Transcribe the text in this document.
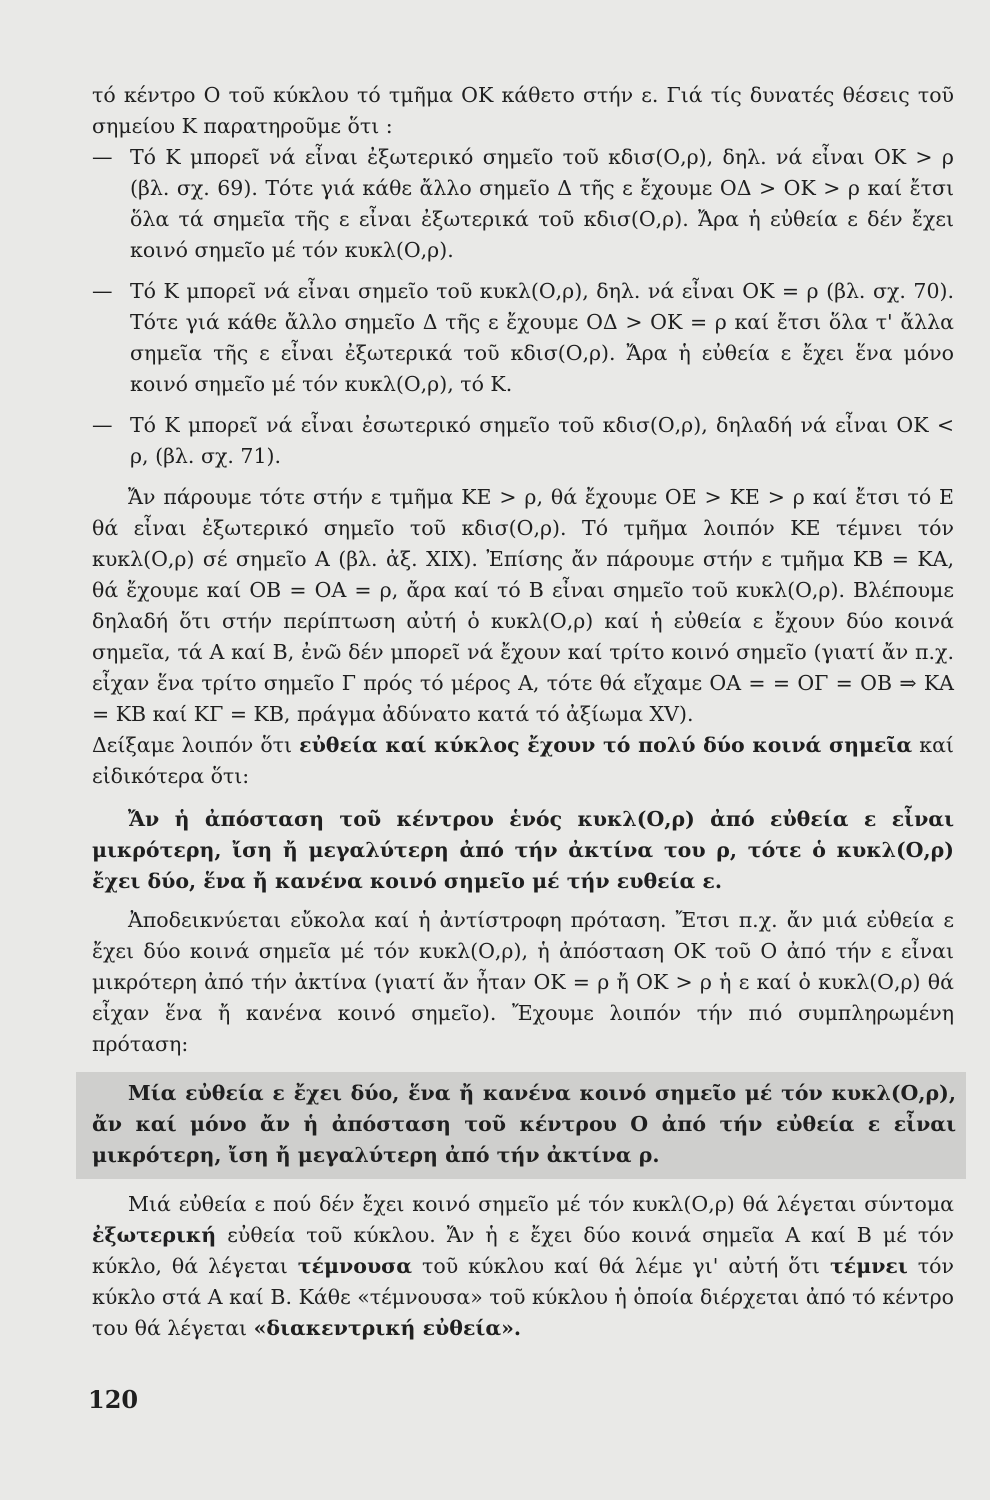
τό κέντρο Ο τοῦ κύκλου τό τμῆμα ΟΚ κάθετο στήν ε. Γιά τίς δυνατές θέσεις τοῦ σημείου Κ παρατηροῦμε ὅτι :

— Τό Κ μπορεῖ νά εἶναι ἐξωτερικό σημεῖο τοῦ κδισ(Ο,ρ), δηλ. νά εἶναι ΟΚ > ρ (βλ. σχ. 69). Τότε γιά κάθε ἄλλο σημεῖο Δ τῆς ε ἔχουμε ΟΔ > ΟΚ > ρ καί ἔτσι ὅλα τά σημεῖα τῆς ε εἶναι ἐξωτερικά τοῦ κδισ(Ο,ρ). Ἄρα ἡ εὐθεία ε δέν ἔχει κοινό σημεῖο μέ τόν κυκλ(Ο,ρ).
— Τό Κ μπορεῖ νά εἶναι σημεῖο τοῦ κυκλ(Ο,ρ), δηλ. νά εἶναι ΟΚ = ρ (βλ. σχ. 70). Τότε γιά κάθε ἄλλο σημεῖο Δ τῆς ε ἔχουμε ΟΔ > ΟΚ = ρ καί ἔτσι ὅλα τ' ἄλλα σημεῖα τῆς ε εἶναι ἐξωτερικά τοῦ κδισ(Ο,ρ). Ἄρα ἡ εὐθεία ε ἔχει ἕνα μόνο κοινό σημεῖο μέ τόν κυκλ(Ο,ρ), τό Κ.
— Τό Κ μπορεῖ νά εἶναι ἐσωτερικό σημεῖο τοῦ κδισ(Ο,ρ), δηλαδή νά εἶναι ΟΚ < ρ, (βλ. σχ. 71).

Ἄν πάρουμε τότε στήν ε τμῆμα ΚΕ > ρ, θά ἔχουμε ΟΕ > ΚΕ > ρ καί ἔτσι τό Ε θά εἶναι ἐξωτερικό σημεῖο τοῦ κδισ(Ο,ρ). Τό τμῆμα λοιπόν ΚΕ τέμνει τόν κυκλ(Ο,ρ) σέ σημεῖο Α (βλ. ἀξ. ΧΙΧ). Ἐπίσης ἄν πάρουμε στήν ε τμῆμα ΚΒ = ΚΑ, θά ἔχουμε καί ΟΒ = ΟΑ = ρ, ἄρα καί τό Β εἶναι σημεῖο τοῦ κυκλ(Ο,ρ). Βλέπουμε δηλαδή ὅτι στήν περίπτωση αὐτή ὁ κυκλ(Ο,ρ) καί ἡ εὐθεία ε ἔχουν δύο κοινά σημεῖα, τά Α καί Β, ἐνῶ δέν μπορεῖ νά ἔχουν καί τρίτο κοινό σημεῖο (γιατί ἄν π.χ. εἶχαν ἕνα τρίτο σημεῖο Γ πρός τό μέρος Α, τότε θά εἴχαμε ΟΑ = = ΟΓ = ΟΒ ⇒ ΚΑ = ΚΒ καί ΚΓ = ΚΒ, πράγμα ἀδύνατο κατά τό ἀξίωμα XV).

Δείξαμε λοιπόν ὅτι εὐθεία καί κύκλος ἔχουν τό πολύ δύο κοινά σημεῖα καί εἰδικότερα ὅτι:

Ἄν ἡ ἀπόσταση τοῦ κέντρου ἑνός κυκλ(Ο,ρ) ἀπό εὐθεία ε εἶναι μικρότερη, ἴση ἤ μεγαλύτερη ἀπό τήν ἀκτίνα του ρ, τότε ὁ κυκλ(Ο,ρ) ἔχει δύο, ἕνα ἤ κανένα κοινό σημεῖο μέ τήν ευθεία ε.

Ἀποδεικνύεται εὔκολα καί ἡ ἀντίστροφη πρόταση. Ἔτσι π.χ. ἄν μιά εὐθεία ε ἔχει δύο κοινά σημεῖα μέ τόν κυκλ(Ο,ρ), ἡ ἀπόσταση ΟΚ τοῦ Ο ἀπό τήν ε εἶναι μικρότερη ἀπό τήν ἀκτίνα (γιατί ἄν ἦταν ΟΚ = ρ ἤ ΟΚ > ρ ἡ ε καί ὁ κυκλ(Ο,ρ) θά εἶχαν ἕνα ἤ κανένα κοινό σημεῖο). Ἔχουμε λοιπόν τήν πιό συμπληρωμένη πρόταση:

Μία εὐθεία ε ἔχει δύο, ἕνα ἤ κανένα κοινό σημεῖο μέ τόν κυκλ(Ο,ρ), ἄν καί μόνο ἄν ἡ ἀπόσταση τοῦ κέντρου Ο ἀπό τήν εὐθεία ε εἶναι μικρότερη, ἴση ἤ μεγαλύτερη ἀπό τήν ἀκτίνα ρ.

Μιά εὐθεία ε πού δέν ἔχει κοινό σημεῖο μέ τόν κυκλ(Ο,ρ) θά λέγεται σύντομα ἐξωτερική εὐθεία τοῦ κύκλου. Ἄν ἡ ε ἔχει δύο κοινά σημεῖα Α καί Β μέ τόν κύκλο, θά λέγεται τέμνουσα τοῦ κύκλου καί θά λέμε γι' αὐτή ὅτι τέμνει τόν κύκλο στά Α καί Β. Κάθε «τέμνουσα» τοῦ κύκλου ἡ ὁποία διέρχεται ἀπό τό κέντρο του θά λέγεται «διακεντρική εὐθεία».

120
